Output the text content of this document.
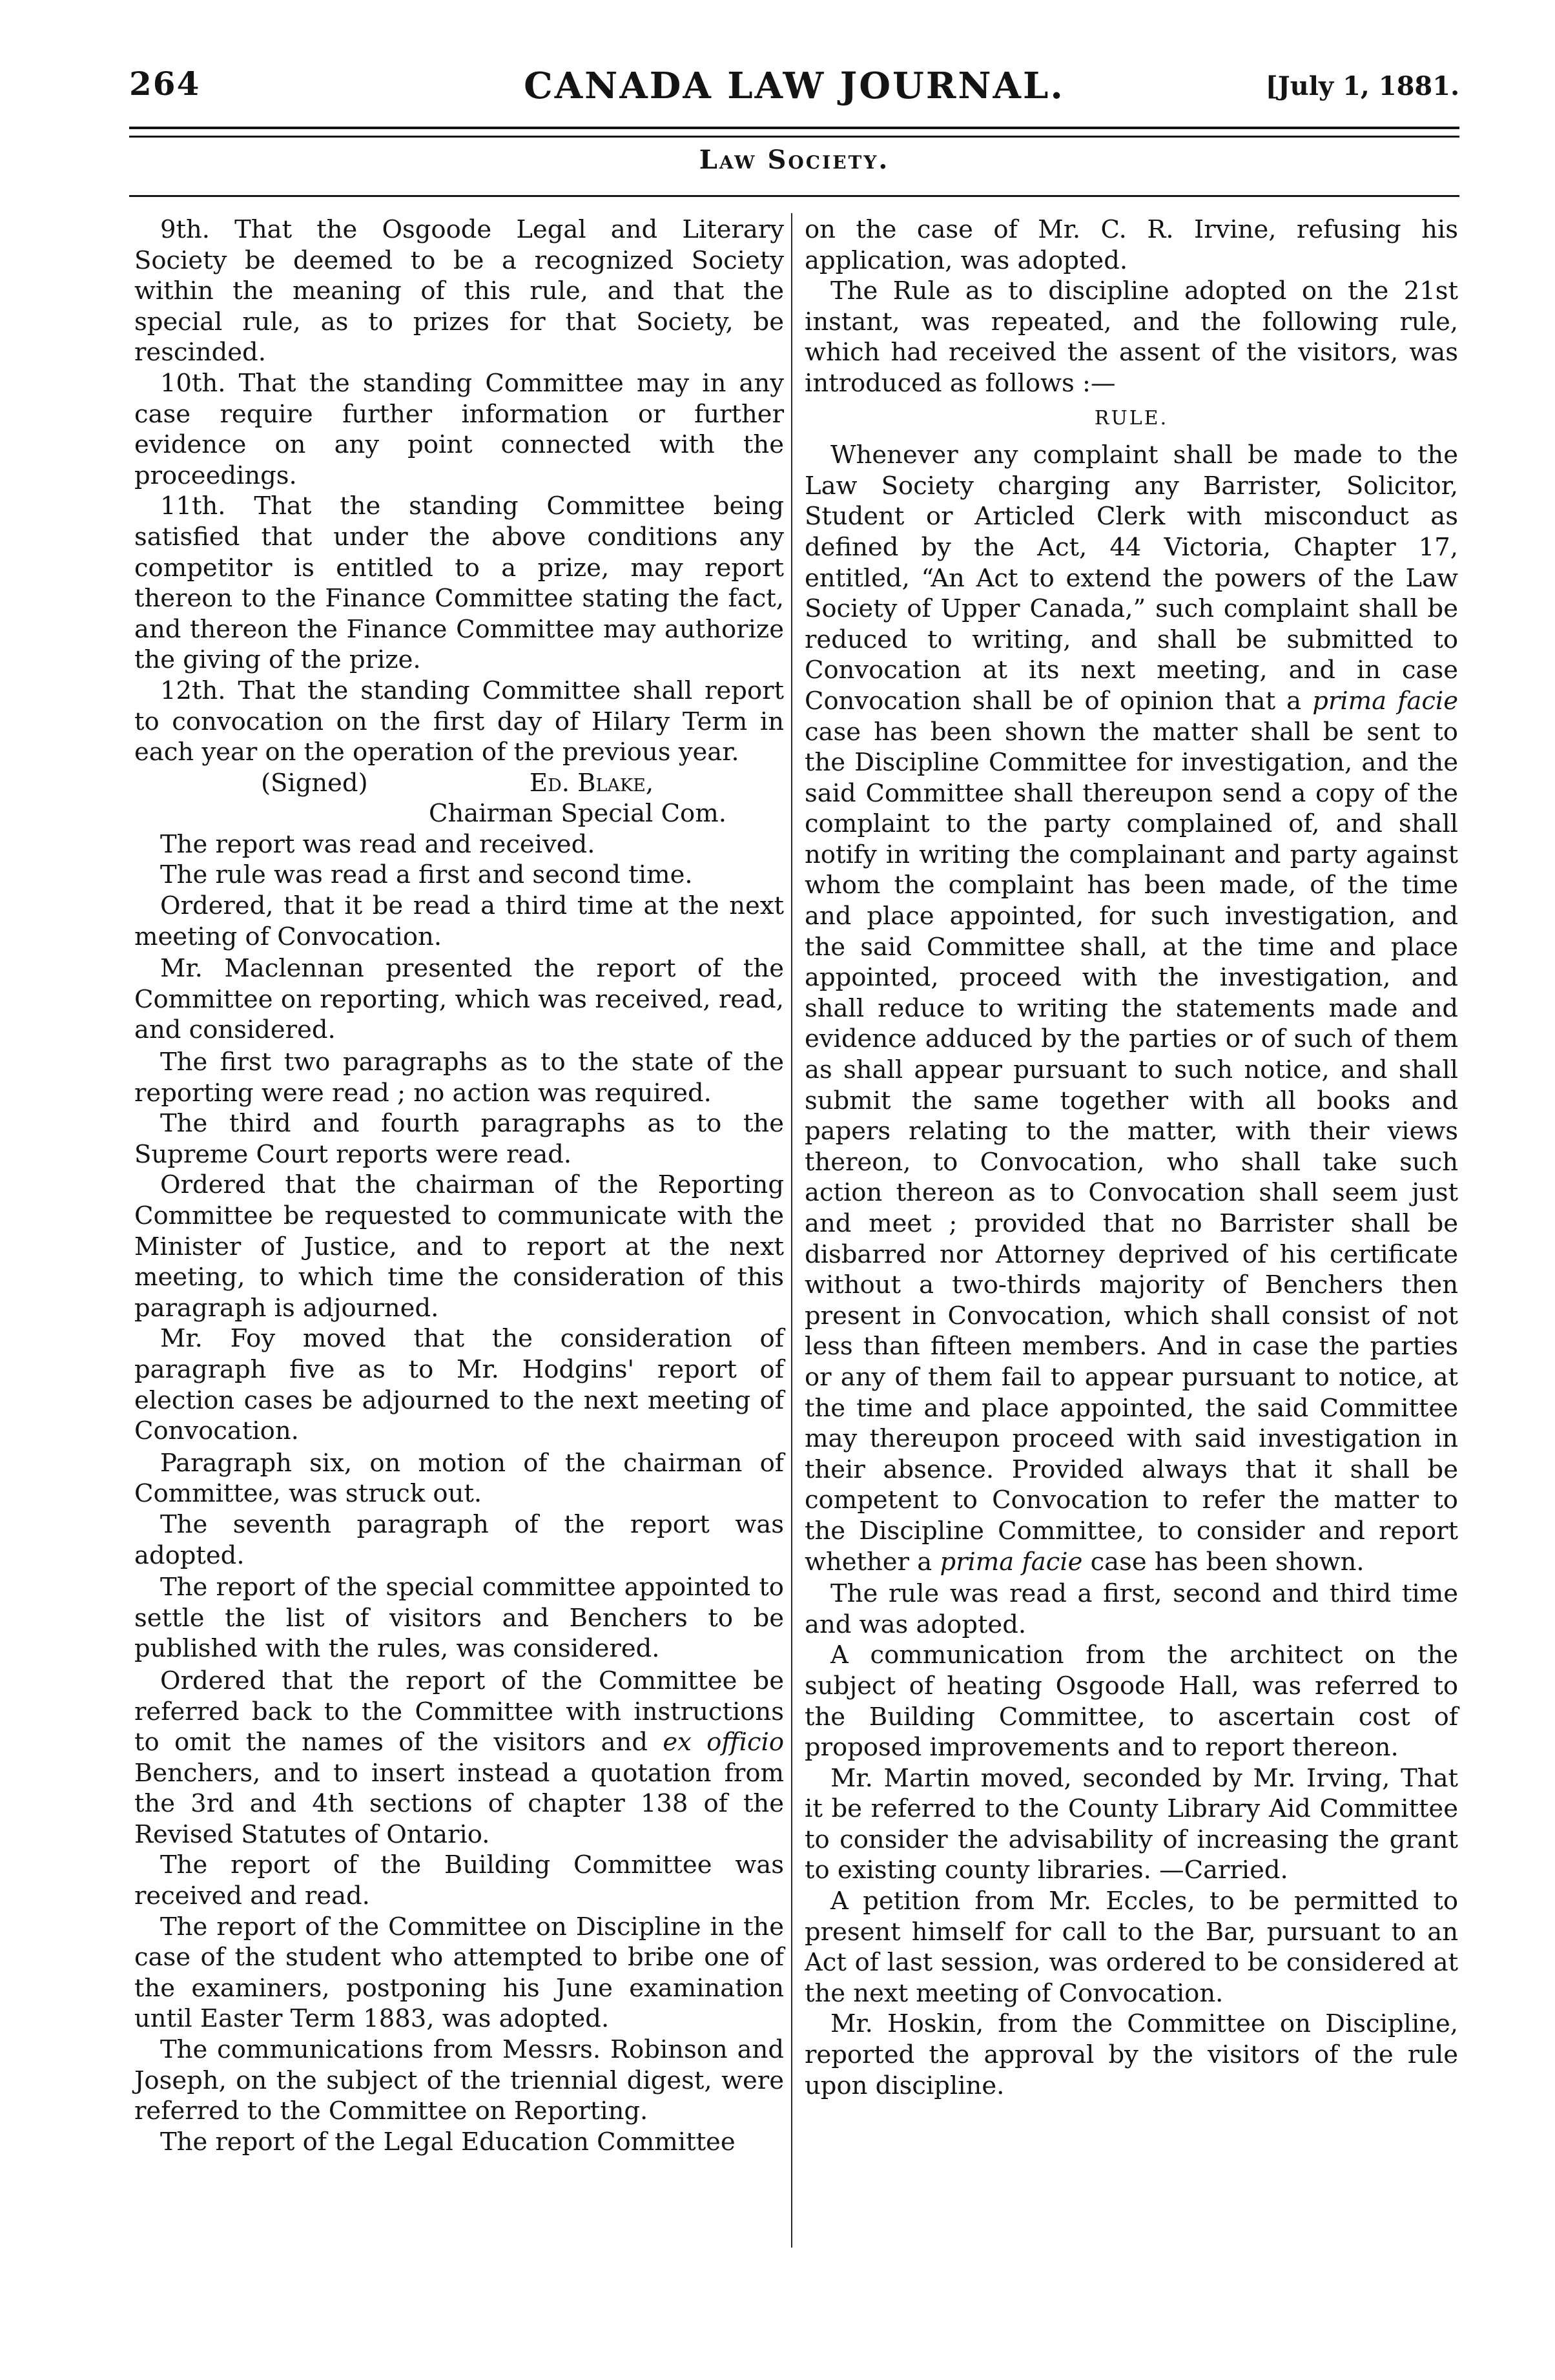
264	CANADA LAW JOURNAL.	[July 1, 1881.
Law Society.

9th. That the Osgoode Legal and Literary Society be deemed to be a recognized Society within the meaning of this rule, and that the special rule, as to prizes for that Society, be rescinded.

10th. That the standing Committee may in any case require further information or further evidence on any point connected with the proceedings.

11th. That the standing Committee being satisfied that under the above conditions any competitor is entitled to a prize, may report thereon to the Finance Committee stating the fact, and thereon the Finance Committee may authorize the giving of the prize.

12th. That the standing Committee shall report to convocation on the first day of Hilary Term in each year on the operation of the previous year.

(Signed)	Ed. Blake,
Chairman Special Com.

The report was read and received.

The rule was read a first and second time.

Ordered, that it be read a third time at the next meeting of Convocation.

Mr. Maclennan presented the report of the Committee on reporting, which was received, read, and considered.

The first two paragraphs as to the state of the reporting were read ; no action was required.

The third and fourth paragraphs as to the Supreme Court reports were read.

Ordered that the chairman of the Reporting Committee be requested to communicate with the Minister of Justice, and to report at the next meeting, to which time the consideration of this paragraph is adjourned.

Mr. Foy moved that the consideration of paragraph five as to Mr. Hodgins' report of election cases be adjourned to the next meeting of Convocation.

Paragraph six, on motion of the chairman of Committee, was struck out.

The seventh paragraph of the report was adopted.

The report of the special committee appointed to settle the list of visitors and Benchers to be published with the rules, was considered.

Ordered that the report of the Committee be referred back to the Committee with instructions to omit the names of the visitors and ex officio Benchers, and to insert instead a quotation from the 3rd and 4th sections of chapter 138 of the Revised Statutes of Ontario.

The report of the Building Committee was received and read.

The report of the Committee on Discipline in the case of the student who attempted to bribe one of the examiners, postponing his June examination until Easter Term 1883, was adopted.

The communications from Messrs. Robinson and Joseph, on the subject of the triennial digest, were referred to the Committee on Reporting.

The report of the Legal Education Committee

on the case of Mr. C. R. Irvine, refusing his application, was adopted.

The Rule as to discipline adopted on the 21st instant, was repeated, and the following rule, which had received the assent of the visitors, was introduced as follows :—

RULE.

Whenever any complaint shall be made to the Law Society charging any Barrister, Solicitor, Student or Articled Clerk with misconduct as defined by the Act, 44 Victoria, Chapter 17, entitled, “An Act to extend the powers of the Law Society of Upper Canada,” such complaint shall be reduced to writing, and shall be submitted to Convocation at its next meeting, and in case Convocation shall be of opinion that a prima facie case has been shown the matter shall be sent to the Discipline Committee for investigation, and the said Committee shall thereupon send a copy of the complaint to the party complained of, and shall notify in writing the complainant and party against whom the complaint has been made, of the time and place appointed, for such investigation, and the said Committee shall, at the time and place appointed, proceed with the investigation, and shall reduce to writing the statements made and evidence adduced by the parties or of such of them as shall appear pursuant to such notice, and shall submit the same together with all books and papers relating to the matter, with their views thereon, to Convocation, who shall take such action thereon as to Convocation shall seem just and meet ; provided that no Barrister shall be disbarred nor Attorney deprived of his certificate without a two-thirds majority of Benchers then present in Convocation, which shall consist of not less than fifteen members. And in case the parties or any of them fail to appear pursuant to notice, at the time and place appointed, the said Committee may thereupon proceed with said investigation in their absence. Provided always that it shall be competent to Convocation to refer the matter to the Discipline Committee, to consider and report whether a prima facie case has been shown.

The rule was read a first, second and third time and was adopted.

A communication from the architect on the subject of heating Osgoode Hall, was referred to the Building Committee, to ascertain cost of proposed improvements and to report thereon.

Mr. Martin moved, seconded by Mr. Irving, That it be referred to the County Library Aid Committee to consider the advisability of increasing the grant to existing county libraries. —Carried.

A petition from Mr. Eccles, to be permitted to present himself for call to the Bar, pursuant to an Act of last session, was ordered to be considered at the next meeting of Convocation.

Mr. Hoskin, from the Committee on Discipline, reported the approval by the visitors of the rule upon discipline.
